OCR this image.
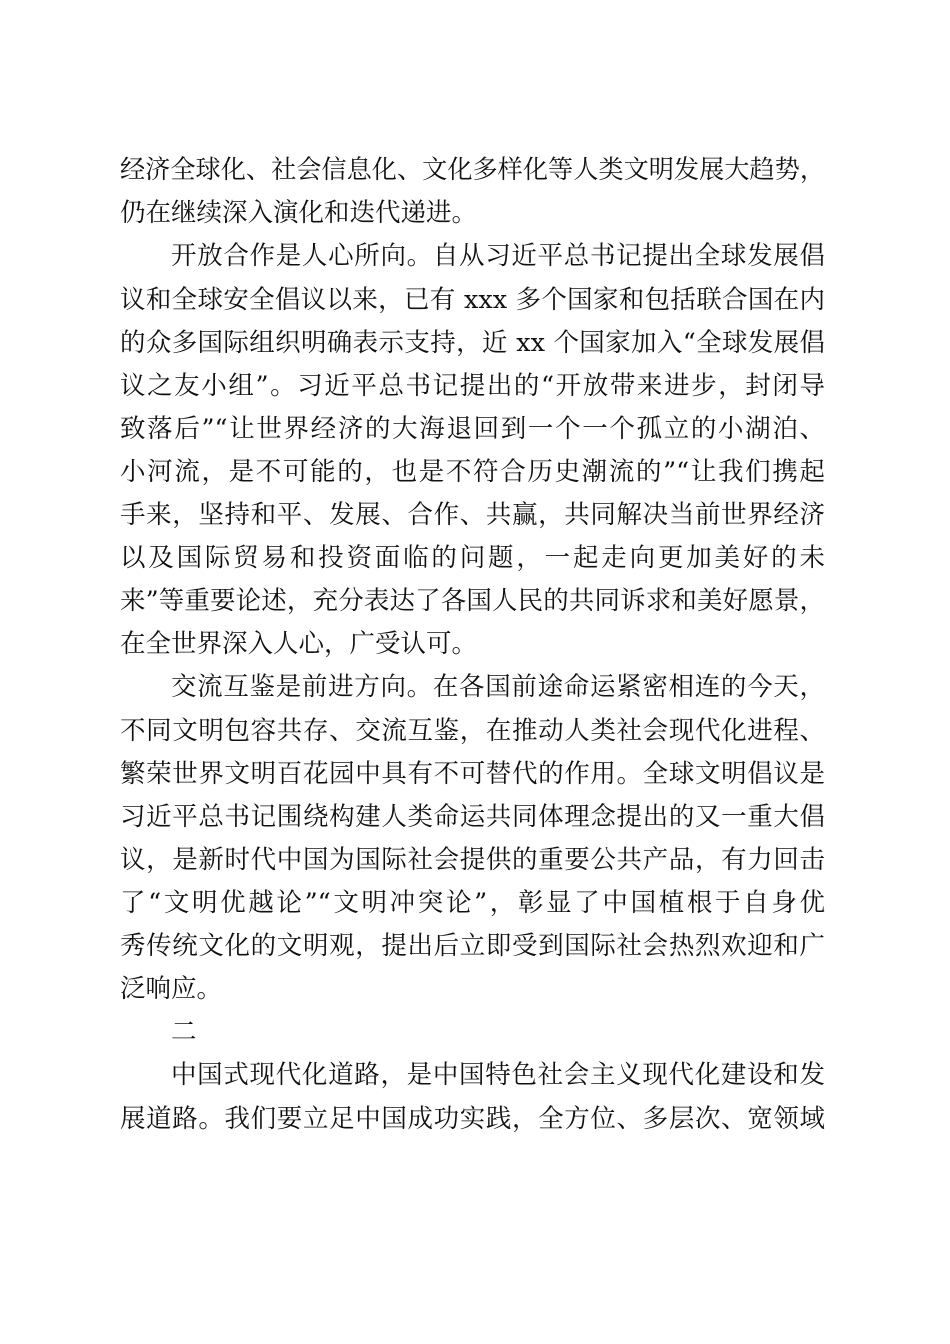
经济全球化、社会信息化、文化多样化等人类文明发展大趋势，

仍在继续深入演化和迭代递进。

开放合作是人心所向。自从习近平总书记提出全球发展倡

议和全球安全倡议以来，已有 xxx 多个国家和包括联合国在内

的众多国际组织明确表示支持，近 xx 个国家加入“全球发展倡

议之友小组”。习近平总书记提出的“开放带来进步，封闭导

致落后”“让世界经济的大海退回到一个一个孤立的小湖泊、

小河流，是不可能的，也是不符合历史潮流的”“让我们携起

手来，坚持和平、发展、合作、共赢，共同解决当前世界经济

以及国际贸易和投资面临的问题，一起走向更加美好的未

来”等重要论述，充分表达了各国人民的共同诉求和美好愿景，

在全世界深入人心，广受认可。

交流互鉴是前进方向。在各国前途命运紧密相连的今天，

不同文明包容共存、交流互鉴，在推动人类社会现代化进程、

繁荣世界文明百花园中具有不可替代的作用。全球文明倡议是

习近平总书记围绕构建人类命运共同体理念提出的又一重大倡

议，是新时代中国为国际社会提供的重要公共产品，有力回击

了“文明优越论”“文明冲突论”，彰显了中国植根于自身优

秀传统文化的文明观，提出后立即受到国际社会热烈欢迎和广

泛响应。

二

中国式现代化道路，是中国特色社会主义现代化建设和发

展道路。我们要立足中国成功实践，全方位、多层次、宽领域
